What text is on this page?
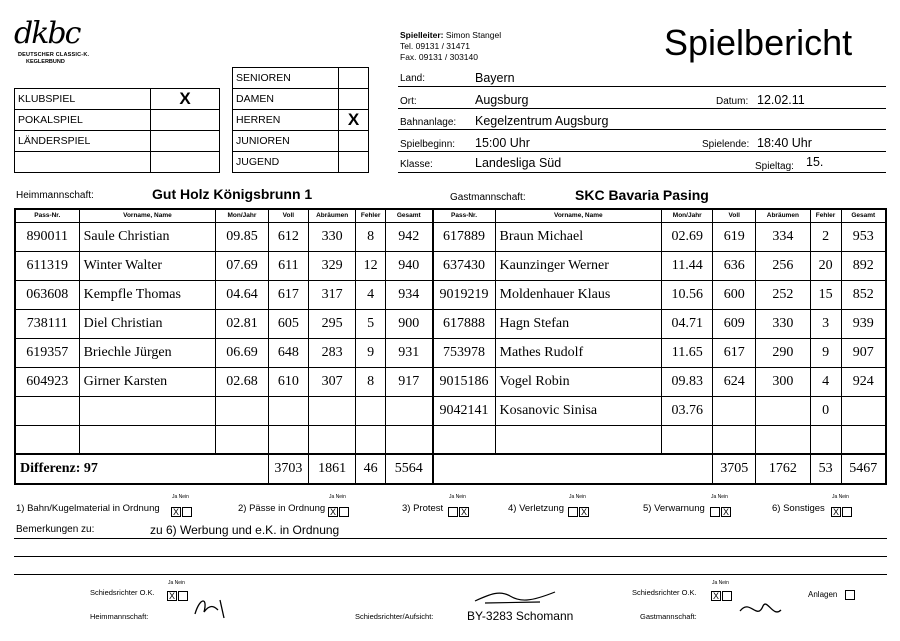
dkbc
DEUTSCHER CLASSIC-K.
KEGLERBUND
Spielleiter: Simon Stangel
Tel. 09131 / 31471
Fax. 09131 / 303140	Spielbericht
KLUBSPIEL	X
POKALSPIEL	
LÄNDERSPIEL	

SENIOREN	
DAMEN	
HERREN	X
JUNIOREN	
JUGEND	
Land:	Bayern
Ort:	Augsburg	Datum: 12.02.11
Bahnanlage: Kegelzentrum Augsburg
Spielbeginn: 15:00 Uhr	Spielende: 18:40 Uhr
Klasse:	Landesliga Süd	Spieltag: 15.
Heimmannschaft:	Gut Holz Königsbrunn 1	Gastmannschaft:	SKC Bavaria Pasing
Pass-Nr.	Vorname, Name	Mon/Jahr	Voll	Abräumen	Fehler	Gesamt	Pass-Nr.	Vorname, Name	Mon/Jahr	Voll	Abräumen	Fehler	Gesamt
890011	Saule Christian	09.85	612	330	8	942	617889	Braun Michael	02.69	619	334	2	953
611319	Winter Walter	07.69	611	329	12	940	637430	Kaunzinger Werner	11.44	636	256	20	892
063608	Kempfle Thomas	04.64	617	317	4	934	9019219	Moldenhauer Klaus	10.56	600	252	15	852
738111	Diel Christian	02.81	605	295	5	900	617888	Hagn Stefan	04.71	609	330	3	939
619357	Briechle Jürgen	06.69	648	283	9	931	753978	Mathes Rudolf	11.65	617	290	9	907
604923	Girner Karsten	02.68	610	307	8	917	9015186	Vogel Robin	09.83	624	300	4	924
							9042141	Kosanovic Sinisa	03.76			0	

Differenz: 97			3703	1861	46	5564				3705	1762	53	5467
1) Bahn/Kugelmaterial in Ordnung
Ja Nein
X	2) Pässe in Ordnung
Ja Nein
X	3) Protest
Ja Nein
X	4) Verletzung
Ja Nein
X	5) Verwarnung
Ja Nein
X	6) Sonstiges
Ja Nein
X
Bemerkungen zu:	zu 6) Werbung und e.K. in Ordnung
Schiedsrichter O.K.
Ja Nein
X
Heimmannschaft:	Schiedsrichter/Aufsicht:	BY-3283 Schomann
Schiedsrichter O.K.
Ja Nein
X
Gastmannschaft:
Anlagen
